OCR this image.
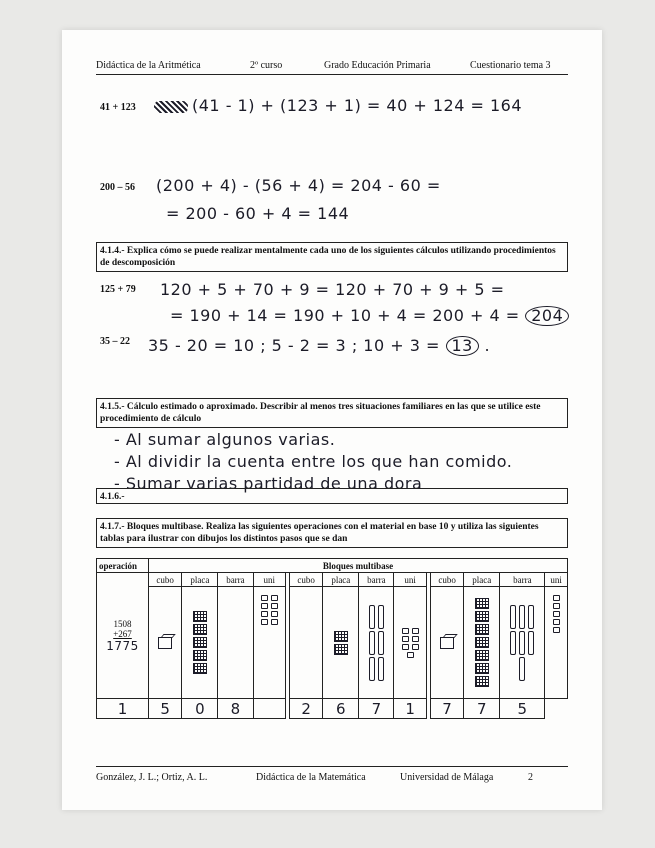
Didáctica de la Aritmética	2º curso	Grado Educación Primaria	Cuestionario tema 3
41 + 123	(41 - 1) + (123 + 1) = 40 + 124 = 164
200 – 56 (200 + 4) - (56 + 4) = 204 - 60 =
= 200 - 60 + 4 = 144
4.1.4.- Explica cómo se puede realizar mentalmente cada uno de los siguientes cálculos utilizando procedimientos de descomposición
125 + 79 120 + 5 + 70 + 9 = 120 + 70 + 9 + 5 =
= 190 + 14 = 190 + 10 + 4 = 200 + 4 = 204
35 – 22 35 - 20 = 10 ; 5 - 2 = 3 ; 10 + 3 = 13 .
4.1.5.- Cálculo estimado o aproximado. Describir al menos tres situaciones familiares en las que se utilice este procedimiento de cálculo
- Al sumar algunos varias.
- Al dividir la cuenta entre los que han comido.
- Sumar varias partidad de una dora
4.1.6.-
4.1.7.- Bloques multibase. Realiza las siguientes operaciones con el material en base 10 y utiliza las siguientes tablas para ilustrar con dibujos los distintos pasos que se dan
operación	Bloques multibase													

1508
+267
1775	cubo	placa	barra	uni		cubo	placa	barra	uni		cubo	placa	barra	uni

1	5	0	8			2	6	7	1		7	7	5	
González, J. L.; Ortiz, A. L.	Didáctica de la Matemática	Universidad de Málaga	2
